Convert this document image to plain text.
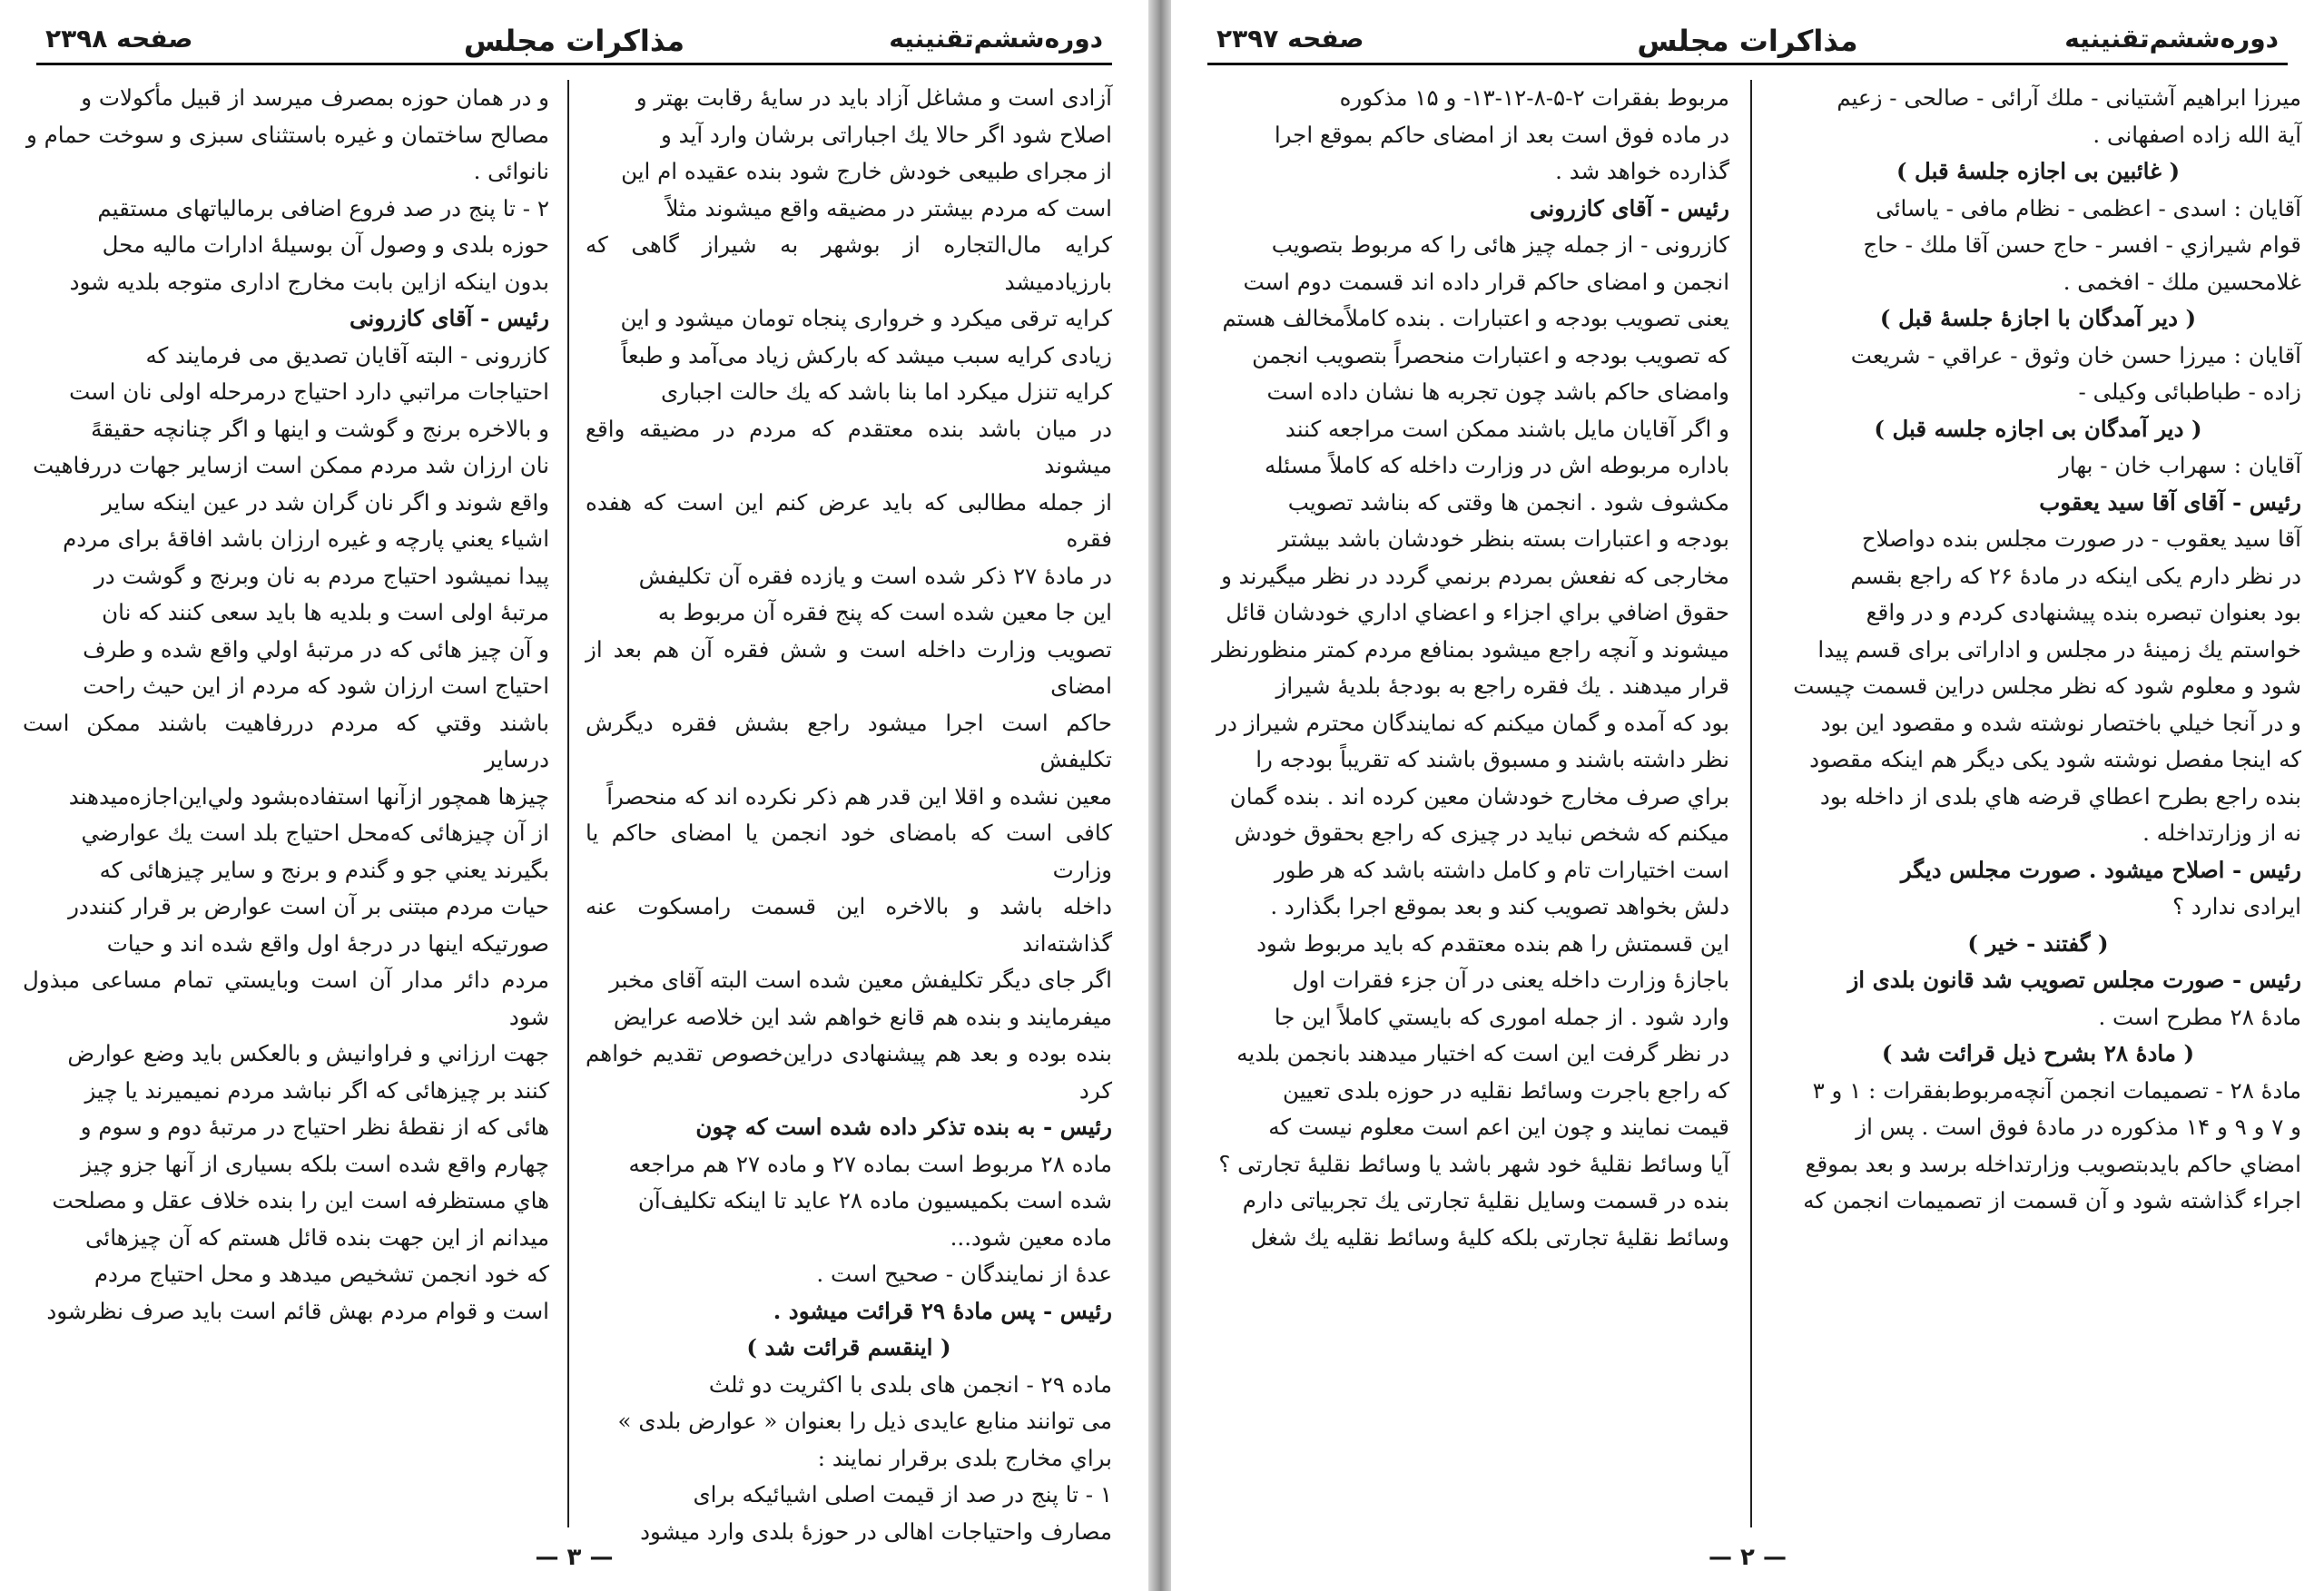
دوره‌ششم‌تقنینیه
مذاکرات مجلس
صفحه ۲۳۹۸

آزادی است و مشاغل آزاد باید در سایهٔ رقابت بهتر و

اصلاح شود اگر حالا یك اجباراتی برشان وارد آید و

از مجرای طبیعی خودش خارج شود بنده عقیده ام این

است که مردم بیشتر در مضیقه واقع میشوند مثلاً

کرایه مال‌التجاره از بوشهر به شیراز گاهی که بارزیادمیشد

کرایه ترقی میکرد و خرواری پنجاه تومان میشود و این

زیادی کرایه سبب میشد که بارکش زیاد می‌آمد و طبعاً

کرایه تنزل میکرد اما بنا باشد که یك حالت اجباری

در میان باشد بنده معتقدم که مردم در مضیقه واقع میشوند

از جمله مطالبی که باید عرض کنم این است که هفده فقره

در مادهٔ ۲۷ ذکر شده است و یازده فقره آن تکلیفش

این جا معین شده است که پنج فقره آن مربوط به

تصویب وزارت داخله است و شش فقره آن هم بعد از امضای

حاکم است اجرا میشود راجع بشش فقره دیگرش تکلیفش

معین نشده و اقلا این قدر هم ذکر نکرده اند که منحصراً

کافی است که بامضای خود انجمن یا امضای حاکم یا وزارت

داخله باشد و بالاخره این قسمت رامسکوت عنه گذاشته‌اند

اگر جای دیگر تکلیفش معین شده است البته آقای مخبر

میفرمایند و بنده هم قانع خواهم شد این خلاصه عرایض

بنده بوده و بعد هم پیشنهادی دراین‌خصوص تقدیم خواهم کرد

رئیس - به بنده تذکر داده شده است که چون

ماده ۲۸ مربوط است بماده ۲۷ و ماده ۲۷ هم مراجعه

شده است بکمیسیون ماده ۲۸ عاید تا اینکه تکلیف‌آن

ماده معین شود...

عدهٔ از نمایندگان - صحیح است .

رئیس - پس مادهٔ ۲۹ قرائت میشود .

( اینقسم قرائت شد )

ماده ۲۹ - انجمن های بلدی با اکثریت دو ثلث

می توانند منابع عایدی ذیل را بعنوان « عوارض بلدی »

براي مخارج بلدی برقرار نمایند :

۱ - تا پنج در صد از قیمت اصلی اشیائیکه برای

مصارف واحتیاجات اهالی در حوزهٔ بلدی وارد میشود

و در همان حوزه بمصرف میرسد از قبیل مأکولات و

مصالح ساختمان و غیره باستثنای سبزی و سوخت حمام و

نانوائی .

۲ - تا پنج در صد فروع اضافی برمالیاتهای مستقیم

حوزه بلدی و وصول آن بوسیلهٔ ادارات مالیه محل

بدون اینکه ازاین بابت مخارج اداری متوجه بلدیه شود

رئیس - آقای کازرونی

کازرونی - البته آقایان تصدیق می فرمایند که

احتیاجات مراتبي دارد احتیاج درمرحله اولی نان است

و بالاخره برنج و گوشت و اینها و اگر چنانچه حقیقهً

نان ارزان شد مردم ممکن است ازسایر جهات دررفاهیت

واقع شوند و اگر نان گران شد در عین اینکه سایر

اشیاء یعني پارچه و غیره ارزان باشد افاقهٔ برای مردم

پیدا نمیشود احتیاج مردم به نان وبرنج و گوشت در

مرتبهٔ اولی است و بلدیه ها باید سعی کنند که نان

و آن چیز هائی که در مرتبهٔ اولي واقع شده و طرف

احتیاج است ارزان شود که مردم از این حیث راحت

باشند وقتي که مردم دررفاهیت باشند ممکن است درسایر

چیزها همچور ازآنها استفاده‌بشود ولي‌این‌اجازه‌میدهند

از آن چیزهائی که‌محل احتیاج بلد است یك عوارضي

بگیرند یعني جو و گندم و برنج و سایر چیزهائی که

حیات مردم مبتنی بر آن است عوارض بر قرار کنند‌در

صورتیکه اینها در درجهٔ اول واقع شده اند و حیات

مردم دائر مدار آن است وبایستي تمام مساعی مبذول شود

جهت ارزاني و فراوانیش و بالعکس باید وضع عوارض

کنند بر چیزهائی که اگر نباشد مردم نمیمیرند یا چیز

هائی که از نقطهٔ نظر احتیاج در مرتبهٔ دوم و سوم و

چهارم واقع شده است بلکه بسیاری از آنها جزو چیز

هاي مستظرفه است این را بنده خلاف عقل و مصلحت

میدانم از این جهت بنده قائل هستم که آن چیزهائی

که خود انجمن تشخیص میدهد و محل احتیاج مردم

است و قوام مردم بهش قائم است باید صرف نظرشود

— ۳ —
دوره‌ششم‌تقنینیه
مذاکرات مجلس
صفحه ۲۳۹۷

میرزا ابراهیم آشتیانی - ملك آرائی - صالحی - زعیم

آیة الله زاده اصفهانی .

( غائبین بی اجازه جلسهٔ قبل )

آقایان : اسدی - اعظمی - نظام مافی - یاسائی

قوام شیرازي - افسر - حاج حسن آقا ملك - حاج

غلامحسین ملك - افخمی .

( دیر آمدگان با اجازهٔ جلسهٔ قبل )

آقایان : میرزا حسن خان وثوق - عراقي - شریعت

زاده - طباطبائی وکیلی -

( دیر آمدگان بی اجازه جلسه قبل )

آقایان : سهراب خان - بهار

رئیس - آقای آقا سید یعقوب

آقا سید یعقوب - در صورت مجلس بنده دواصلاح

در نظر دارم یکی اینکه در مادهٔ ۲۶ که راجع بقسم

بود بعنوان تبصره بنده پیشنهادی کردم و در واقع

خواستم یك زمینهٔ در مجلس و اداراتی برای قسم پیدا

شود و معلوم شود که نظر مجلس دراین قسمت چیست

و در آنجا خیلي باختصار نوشته شده و مقصود این بود

که اینجا مفصل نوشته شود یکی دیگر هم اینکه مقصود

بنده راجع بطرح اعطاي قرضه هاي بلدی از داخله بود

نه از وزارتداخله .

رئیس - اصلاح میشود . صورت مجلس دیگر

ایرادی ندارد ؟

( گفتند - خیر )

رئیس - صورت مجلس تصویب شد قانون بلدی از

مادهٔ ۲۸ مطرح است .

( مادهٔ ۲۸ بشرح ذیل قرائت شد )

مادهٔ ۲۸ - تصمیمات انجمن آنچه‌مربوط‌بفقرات : ۱ و ۳

و ۷ و ۹ و ۱۴ مذکوره در مادهٔ فوق است . پس از

امضاي حاکم باید‌بتصویب وزارتداخله برسد و بعد بموقع

اجراء گذاشته شود و آن قسمت از تصمیمات انجمن که

مربوط بفقرات ۲-۵-۸-۱۲-۱۳- و ۱۵ مذکوره

در ماده فوق است بعد از امضای حاکم بموقع اجرا

گذارده خواهد شد .

رئیس - آقای کازرونی

کازرونی - از جمله چیز هائی را که مربوط بتصویب

انجمن و امضای حاکم قرار داده اند قسمت دوم است

یعنی تصویب بودجه و اعتبارات . بنده کاملاً‌مخالف هستم

که تصویب بودجه و اعتبارات منحصراً بتصویب انجمن

وامضای حاکم باشد چون تجربه ها نشان داده است

و اگر آقایان مایل باشند ممکن است مراجعه کنند

باداره مربوطه اش در وزارت داخله که کاملاً مسئله

مکشوف شود . انجمن ها وقتی که بناشد تصویب

بودجه و اعتبارات بسته بنظر خودشان باشد بیشتر

مخارجی که نفعش بمردم برنمي گردد در نظر میگیرند و

حقوق اضافي براي اجزاء و اعضاي اداري خودشان قائل

میشوند و آنچه راجع میشود بمنافع مردم کمتر منظورنظر

قرار میدهند . یك فقره راجع به بودجهٔ بلدیهٔ شیراز

بود که آمده و گمان میکنم که نمایندگان محترم شیراز در

نظر داشته باشند و مسبوق باشند که تقریباً بودجه را

براي صرف مخارج خودشان معین کرده اند . بنده گمان

میکنم که شخص نباید در چیزی که راجع بحقوق خودش

است اختیارات تام و کامل داشته باشد که هر طور

دلش بخواهد تصویب کند و بعد بموقع اجرا بگذارد .

این قسمتش را هم بنده معتقدم که باید مربوط شود

باجازهٔ وزارت داخله یعنی در آن جزء فقرات اول

وارد شود . از جمله اموری که بایستي کاملاً این جا

در نظر گرفت این است که اختیار میدهند بانجمن بلدیه

که راجع باجرت وسائط نقلیه در حوزه بلدی تعیین

قیمت نمایند و چون این اعم است معلوم نیست که

آیا وسائط نقلیهٔ خود شهر باشد یا وسائط نقلیهٔ تجارتی ؟

بنده در قسمت وسایل نقلیهٔ تجارتی یك تجربیاتی دارم

وسائط نقلیهٔ تجارتی بلکه کلیهٔ وسائط نقلیه یك شغل

— ۲ —
